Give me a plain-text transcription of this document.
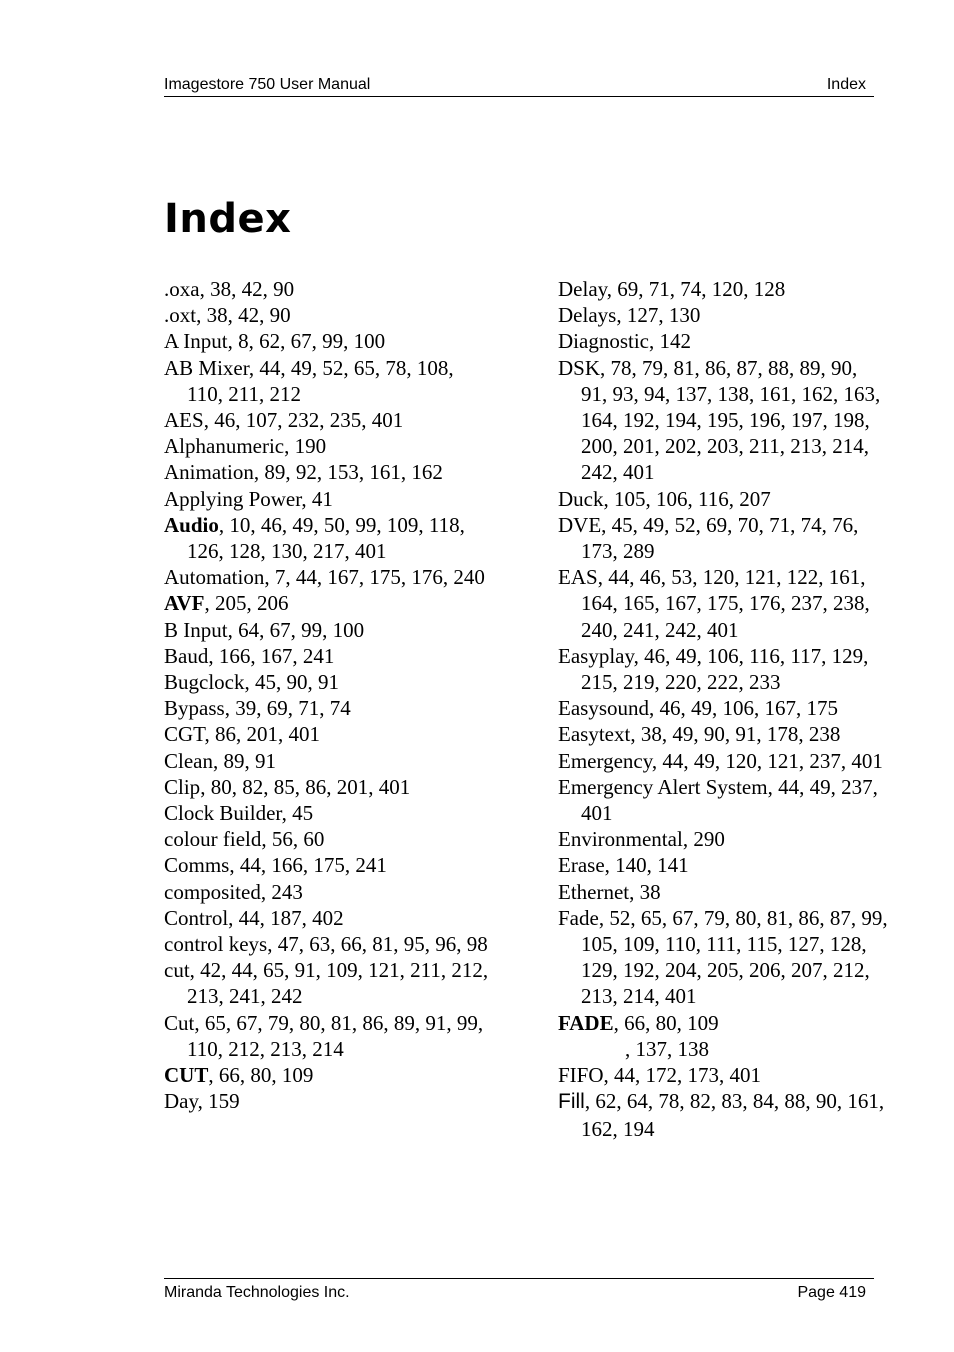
Imagestore 750 User Manual	Index
Index
.oxa, 38, 42, 90
.oxt, 38, 42, 90
A Input, 8, 62, 67, 99, 100
AB Mixer, 44, 49, 52, 65, 78, 108, 110, 211, 212
AES, 46, 107, 232, 235, 401
Alphanumeric, 190
Animation, 89, 92, 153, 161, 162
Applying Power, 41
Audio, 10, 46, 49, 50, 99, 109, 118, 126, 128, 130, 217, 401
Automation, 7, 44, 167, 175, 176, 240
AVF, 205, 206
B Input, 64, 67, 99, 100
Baud, 166, 167, 241
Bugclock, 45, 90, 91
Bypass, 39, 69, 71, 74
CGT, 86, 201, 401
Clean, 89, 91
Clip, 80, 82, 85, 86, 201, 401
Clock Builder, 45
colour field, 56, 60
Comms, 44, 166, 175, 241
composited, 243
Control, 44, 187, 402
control keys, 47, 63, 66, 81, 95, 96, 98
cut, 42, 44, 65, 91, 109, 121, 211, 212, 213, 241, 242
Cut, 65, 67, 79, 80, 81, 86, 89, 91, 99, 110, 212, 213, 214
CUT, 66, 80, 109
Day, 159
Delay, 69, 71, 74, 120, 128
Delays, 127, 130
Diagnostic, 142
DSK, 78, 79, 81, 86, 87, 88, 89, 90, 91, 93, 94, 137, 138, 161, 162, 163, 164, 192, 194, 195, 196, 197, 198, 200, 201, 202, 203, 211, 213, 214, 242, 401
Duck, 105, 106, 116, 207
DVE, 45, 49, 52, 69, 70, 71, 74, 76, 173, 289
EAS, 44, 46, 53, 120, 121, 122, 161, 164, 165, 167, 175, 176, 237, 238, 240, 241, 242, 401
Easyplay, 46, 49, 106, 116, 117, 129, 215, 219, 220, 222, 233
Easysound, 46, 49, 106, 167, 175
Easytext, 38, 49, 90, 91, 178, 238
Emergency, 44, 49, 120, 121, 237, 401
Emergency Alert System, 44, 49, 237, 401
Environmental, 290
Erase, 140, 141
Ethernet, 38
Fade, 52, 65, 67, 79, 80, 81, 86, 87, 99, 105, 109, 110, 111, 115, 127, 128, 129, 192, 204, 205, 206, 207, 212, 213, 214, 401
FADE, 66, 80, 109
, 137, 138
FIFO, 44, 172, 173, 401
Fill, 62, 64, 78, 82, 83, 84, 88, 90, 161, 162, 194
Miranda Technologies Inc.	Page 419
